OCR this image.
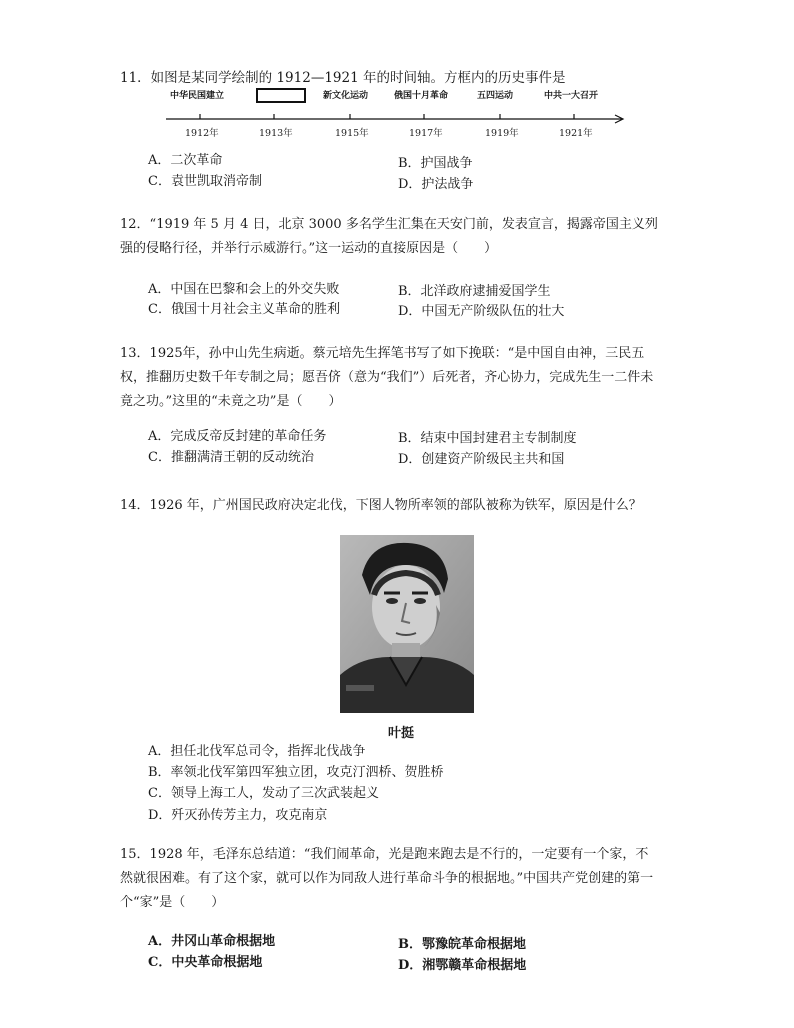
11．如图是某同学绘制的 1912—1921 年的时间轴。方框内的历史事件是
中华民国建立	新文化运动	俄国十月革命	五四运动	中共一大召开
1912年	1913年	1915年	1917年	1919年	1921年
A．二次革命	B．护国战争
C．袁世凯取消帝制	D．护法战争
12．“1919 年 5 月 4 日，北京 3000 多名学生汇集在天安门前，发表宣言，揭露帝国主义列强的侵略行径，并举行示威游行。”这一运动的直接原因是（　　）
A．中国在巴黎和会上的外交失败	B．北洋政府逮捕爱国学生
C．俄国十月社会主义革命的胜利	D．中国无产阶级队伍的壮大
13．1925年，孙中山先生病逝。蔡元培先生挥笔书写了如下挽联：“是中国自由神，三民五权，推翻历史数千年专制之局；愿吾侪（意为“我们”）后死者，齐心协力，完成先生一二件未竟之功。”这里的“未竟之功”是（　　）
A．完成反帝反封建的革命任务	B．结束中国封建君主专制制度
C．推翻满清王朝的反动统治	D．创建资产阶级民主共和国
14．1926 年，广州国民政府决定北伐，下图人物所率领的部队被称为铁军，原因是什么？
叶挺
A．担任北伐军总司令，指挥北伐战争
B．率领北伐军第四军独立团，攻克汀泗桥、贺胜桥
C．领导上海工人，发动了三次武装起义
D．歼灭孙传芳主力，攻克南京
15．1928 年，毛泽东总结道：“我们闹革命，光是跑来跑去是不行的，一定要有一个家，不然就很困难。有了这个家，就可以作为同敌人进行革命斗争的根据地。”中国共产党创建的第一个“家”是（　　）
A．井冈山革命根据地	B．鄂豫皖革命根据地
C．中央革命根据地	D．湘鄂赣革命根据地
